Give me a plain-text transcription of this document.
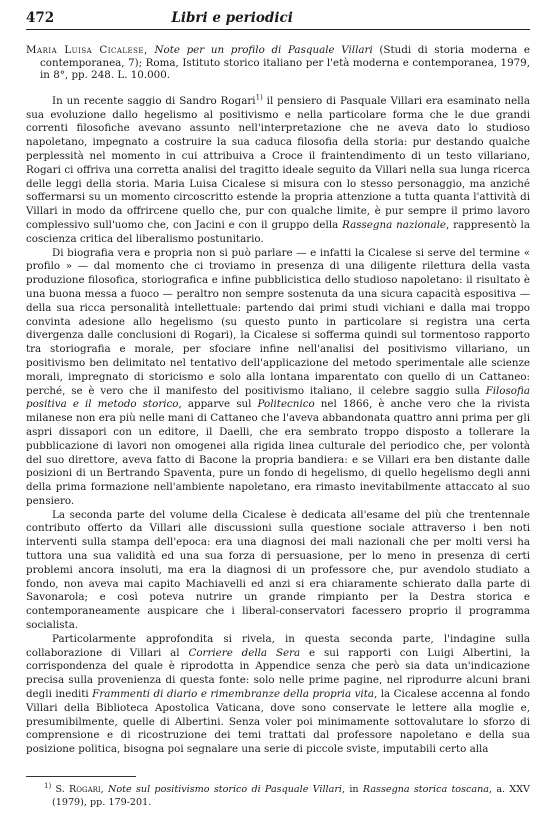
472	Libri e periodici
Maria Luisa Cicalese, Note per un profilo di Pasquale Villari (Studi di storia moderna e contemporanea, 7); Roma, Istituto storico italiano per l'età moderna e contemporanea, 1979, in 8°, pp. 248. L. 10.000.

In un recente saggio di Sandro Rogari$^{1)}$ il pensiero di Pasquale Villari era esaminato nella sua evoluzione dallo hegelismo al positivismo e nella particolare forma che le due grandi correnti filosofiche avevano assunto nell'interpretazione che ne aveva dato lo studioso napoletano, impegnato a costruire la sua caduca filosofia della storia: pur destando qualche perplessità nel momento in cui attribuiva a Croce il fraintendimento di un testo villariano, Rogari ci offriva una corretta analisi del tragitto ideale seguito da Villari nella sua lunga ricerca delle leggi della storia. Maria Luisa Cicalese si misura con lo stesso personaggio, ma anziché soffermarsi su un momento circoscritto estende la propria attenzione a tutta quanta l'attività di Villari in modo da offrircene quello che, pur con qualche limite, è pur sempre il primo lavoro complessivo sull'uomo che, con Jacini e con il gruppo della Rassegna nazionale, rappresentò la coscienza critica del liberalismo postunitario.

Di biografia vera e propria non si può parlare — e infatti la Cicalese si serve del termine « profilo » — dal momento che ci troviamo in presenza di una diligente rilettura della vasta produzione filosofica, storiografica e infine pubblicistica dello studioso napoletano: il risultato è una buona messa a fuoco — peraltro non sempre sostenuta da una sicura capacità espositiva — della sua ricca personalità intellettuale: partendo dai primi studi vichiani e dalla mai troppo convinta adesione allo hegelismo (su questo punto in particolare si registra una certa divergenza dalle conclusioni di Rogari), la Cicalese si sofferma quindi sul tormentoso rapporto tra storiografia e morale, per sfociare infine nell'analisi del positivismo villariano, un positivismo ben delimitato nel tentativo dell'applicazione del metodo sperimentale alle scienze morali, impregnato di storicismo e solo alla lontana imparentato con quello di un Cattaneo: perché, se è vero che il manifesto del positivismo italiano, il celebre saggio sulla Filosofia positiva e il metodo storico, apparve sul Politecnico nel 1866, è anche vero che la rivista milanese non era più nelle mani di Cattaneo che l'aveva abbandonata quattro anni prima per gli aspri dissapori con un editore, il Daelli, che era sembrato troppo disposto a tollerare la pubblicazione di lavori non omogenei alla rigida linea culturale del periodico che, per volontà del suo direttore, aveva fatto di Bacone la propria bandiera: e se Villari era ben distante dalle posizioni di un Bertrando Spaventa, pure un fondo di hegelismo, di quello hegelismo degli anni della prima formazione nell'ambiente napoletano, era rimasto inevitabilmente attaccato al suo pensiero.

La seconda parte del volume della Cicalese è dedicata all'esame del più che trentennale contributo offerto da Villari alle discussioni sulla questione sociale attraverso i ben noti interventi sulla stampa dell'epoca: era una diagnosi dei mali nazionali che per molti versi ha tuttora una sua validità ed una sua forza di persuasione, per lo meno in presenza di certi problemi ancora insoluti, ma era la diagnosi di un professore che, pur avendolo studiato a fondo, non aveva mai capito Machiavelli ed anzi si era chiaramente schierato dalla parte di Savonarola; e così poteva nutrire un grande rimpianto per la Destra storica e contemporaneamente auspicare che i liberal-conservatori facessero proprio il programma socialista.

Particolarmente approfondita si rivela, in questa seconda parte, l'indagine sulla collaborazione di Villari al Corriere della Sera e sui rapporti con Luigi Albertini, la corrispondenza del quale è riprodotta in Appendice senza che però sia data un'indicazione precisa sulla provenienza di questa fonte: solo nelle prime pagine, nel riprodurre alcuni brani degli inediti Frammenti di diario e rimembranze della propria vita, la Cicalese accenna al fondo Villari della Biblioteca Apostolica Vaticana, dove sono conservate le lettere alla moglie e, presumibilmente, quelle di Albertini. Senza voler poi minimamente sottovalutare lo sforzo di comprensione e di ricostruzione dei temi trattati dal professore napoletano e della sua posizione politica, bisogna poi segnalare una serie di piccole sviste, imputabili certo alla

$^{1)}$ S. Rogari, Note sul positivismo storico di Pasquale Villari, in Rassegna storica toscana, a. XXV (1979), pp. 179-201.
